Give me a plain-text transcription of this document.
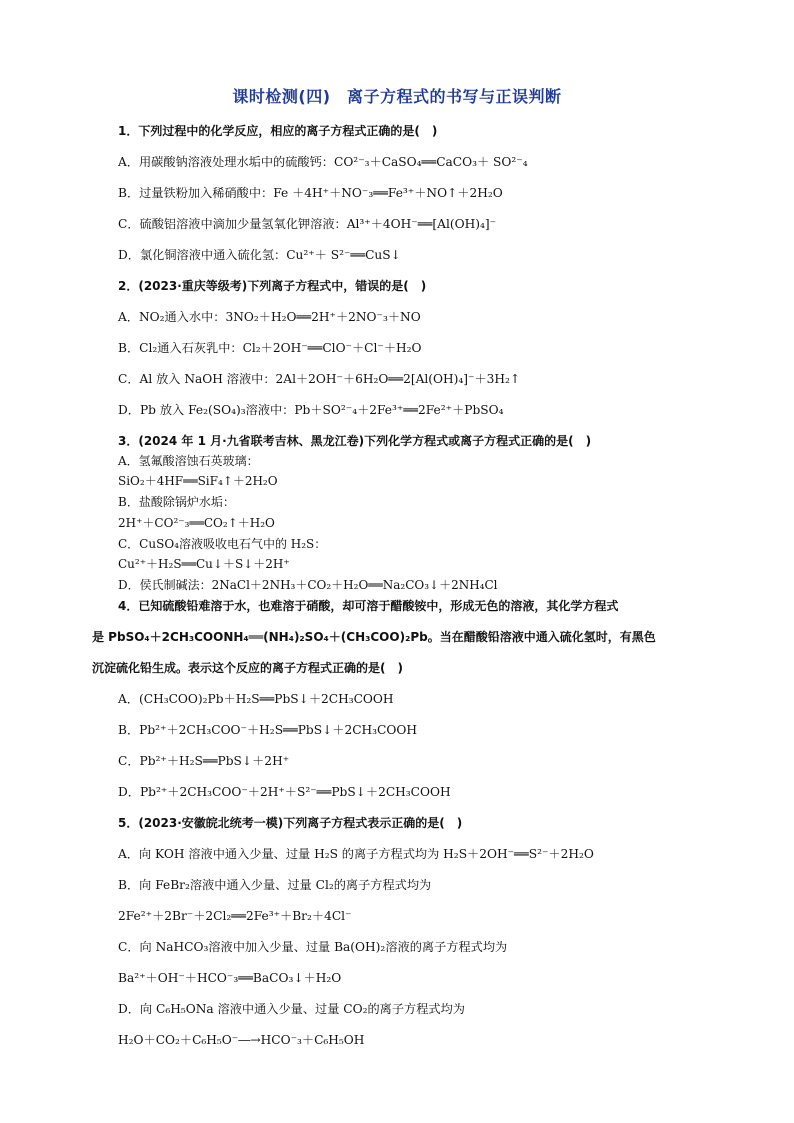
课时检测(四)　离子方程式的书写与正误判断
1．下列过程中的化学反应，相应的离子方程式正确的是(　)
A．用碳酸钠溶液处理水垢中的硫酸钙：CO²⁻₃＋CaSO₄══CaCO₃＋ SO²⁻₄
B．过量铁粉加入稀硝酸中：Fe ＋4H⁺＋NO⁻₃══Fe³⁺＋NO↑＋2H₂O
C．硫酸铝溶液中滴加少量氢氧化钾溶液：Al³⁺＋4OH⁻══[Al(OH)₄]⁻
D．氯化铜溶液中通入硫化氢：Cu²⁺＋ S²⁻══CuS↓
2．(2023·重庆等级考)下列离子方程式中，错误的是(　)
A．NO₂通入水中：3NO₂＋H₂O══2H⁺＋2NO⁻₃＋NO
B．Cl₂通入石灰乳中：Cl₂＋2OH⁻══ClO⁻＋Cl⁻＋H₂O
C．Al 放入 NaOH 溶液中：2Al＋2OH⁻＋6H₂O══2[Al(OH)₄]⁻＋3H₂↑
D．Pb 放入 Fe₂(SO₄)₃溶液中：Pb＋SO²⁻₄＋2Fe³⁺══2Fe²⁺＋PbSO₄
3．(2024 年 1 月·九省联考吉林、黑龙江卷)下列化学方程式或离子方程式正确的是(　)
A．氢氟酸溶蚀石英玻璃：
SiO₂＋4HF══SiF₄↑＋2H₂O
B．盐酸除锅炉水垢：
2H⁺＋CO²⁻₃══CO₂↑＋H₂O
C．CuSO₄溶液吸收电石气中的 H₂S：
Cu²⁺＋H₂S══Cu↓＋S↓＋2H⁺
D．侯氏制碱法：2NaCl＋2NH₃＋CO₂＋H₂O══Na₂CO₃↓＋2NH₄Cl
4．已知硫酸铅难溶于水，也难溶于硝酸，却可溶于醋酸铵中，形成无色的溶液，其化学方程式
是 PbSO₄＋2CH₃COONH₄══(NH₄)₂SO₄＋(CH₃COO)₂Pb。当在醋酸铅溶液中通入硫化氢时，有黑色
沉淀硫化铅生成。表示这个反应的离子方程式正确的是(　)
A．(CH₃COO)₂Pb＋H₂S══PbS↓＋2CH₃COOH
B．Pb²⁺＋2CH₃COO⁻＋H₂S══PbS↓＋2CH₃COOH
C．Pb²⁺＋H₂S══PbS↓＋2H⁺
D．Pb²⁺＋2CH₃COO⁻＋2H⁺＋S²⁻══PbS↓＋2CH₃COOH
5．(2023·安徽皖北统考一模)下列离子方程式表示正确的是(　)
A．向 KOH 溶液中通入少量、过量 H₂S 的离子方程式均为 H₂S＋2OH⁻══S²⁻＋2H₂O
B．向 FeBr₂溶液中通入少量、过量 Cl₂的离子方程式均为
2Fe²⁺＋2Br⁻＋2Cl₂══2Fe³⁺＋Br₂＋4Cl⁻
C．向 NaHCO₃溶液中加入少量、过量 Ba(OH)₂溶液的离子方程式均为
Ba²⁺＋OH⁻＋HCO⁻₃══BaCO₃↓＋H₂O
D．向 C₆H₅ONa 溶液中通入少量、过量 CO₂的离子方程式均为
H₂O＋CO₂＋C₆H₅O⁻―→HCO⁻₃＋C₆H₅OH
